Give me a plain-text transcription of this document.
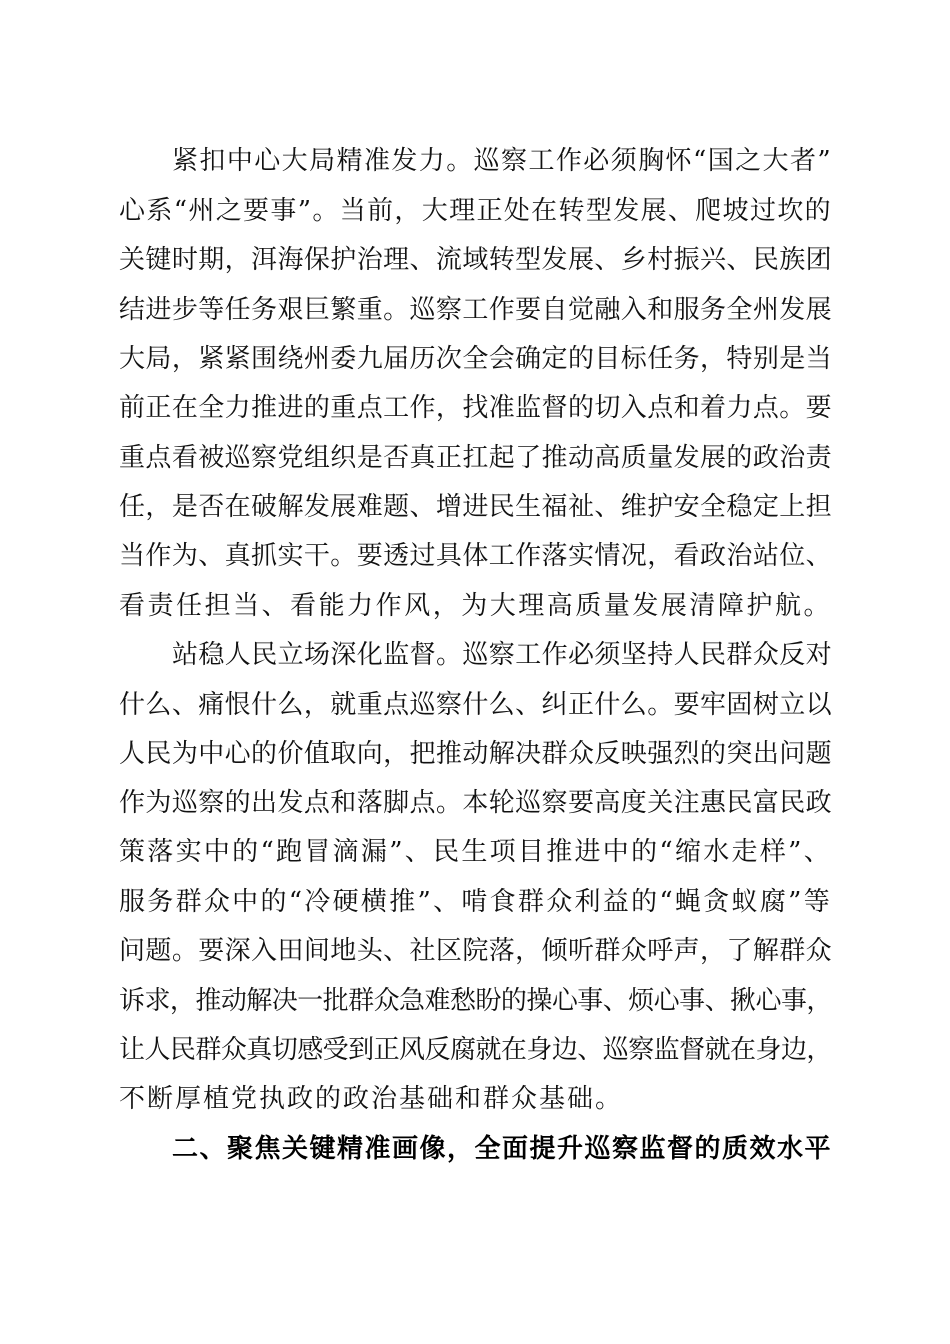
紧扣中心大局精准发力。巡察工作必须胸怀“国之大者”

心系“州之要事”。当前，大理正处在转型发展、爬坡过坎的

关键时期，洱海保护治理、流域转型发展、乡村振兴、民族团

结进步等任务艰巨繁重。巡察工作要自觉融入和服务全州发展

大局，紧紧围绕州委九届历次全会确定的目标任务，特别是当

前正在全力推进的重点工作，找准监督的切入点和着力点。要

重点看被巡察党组织是否真正扛起了推动高质量发展的政治责

任，是否在破解发展难题、增进民生福祉、维护安全稳定上担

当作为、真抓实干。要透过具体工作落实情况，看政治站位、

看责任担当、看能力作风，为大理高质量发展清障护航。

站稳人民立场深化监督。巡察工作必须坚持人民群众反对

什么、痛恨什么，就重点巡察什么、纠正什么。要牢固树立以

人民为中心的价值取向，把推动解决群众反映强烈的突出问题

作为巡察的出发点和落脚点。本轮巡察要高度关注惠民富民政

策落实中的“跑冒滴漏”、民生项目推进中的“缩水走样”、

服务群众中的“冷硬横推”、啃食群众利益的“蝇贪蚁腐”等

问题。要深入田间地头、社区院落，倾听群众呼声，了解群众

诉求，推动解决一批群众急难愁盼的操心事、烦心事、揪心事，

让人民群众真切感受到正风反腐就在身边、巡察监督就在身边，

不断厚植党执政的政治基础和群众基础。

二、聚焦关键精准画像，全面提升巡察监督的质效水平
